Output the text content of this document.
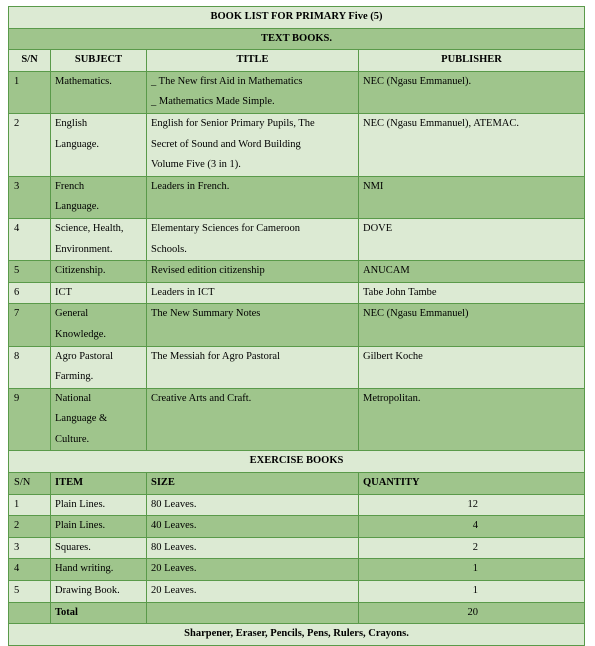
BOOK LIST FOR PRIMARY Five (5)			
TEXT BOOKS.			
S/N	SUBJECT	TITLE	PUBLISHER
1	Mathematics.	_ The New first Aid in Mathematics
_ Mathematics Made Simple.	NEC (Ngasu Emmanuel).

2	English
Language.	English for Senior Primary Pupils, The
Secret of Sound and Word Building
Volume Five (3 in 1).	NEC (Ngasu Emmanuel), ATEMAC.

3	French
Language.	Leaders in French.	NMI

4	Science, Health,
Environment.	Elementary Sciences for Cameroon
Schools.	DOVE

5	Citizenship.	Revised edition citizenship	ANUCAM

6	ICT	Leaders in ICT	Tabe John Tambe

7	General
Knowledge.	The New Summary Notes	NEC (Ngasu Emmanuel)

8	Agro Pastoral
Farming.	The Messiah for Agro Pastoral	Gilbert Koche

9	National
Language &
Culture.	Creative Arts and Craft.	Metropolitan.

EXERCISE BOOKS			
S/N	ITEM	SIZE	QUANTITY
1	Plain Lines.	80 Leaves.	12
2	Plain Lines.	40 Leaves.	4
3	Squares.	80 Leaves.	2
4	Hand writing.	20 Leaves.	1
5	Drawing Book.	20 Leaves.	1
	Total		20
Sharpener, Eraser, Pencils, Pens, Rulers, Crayons.			
